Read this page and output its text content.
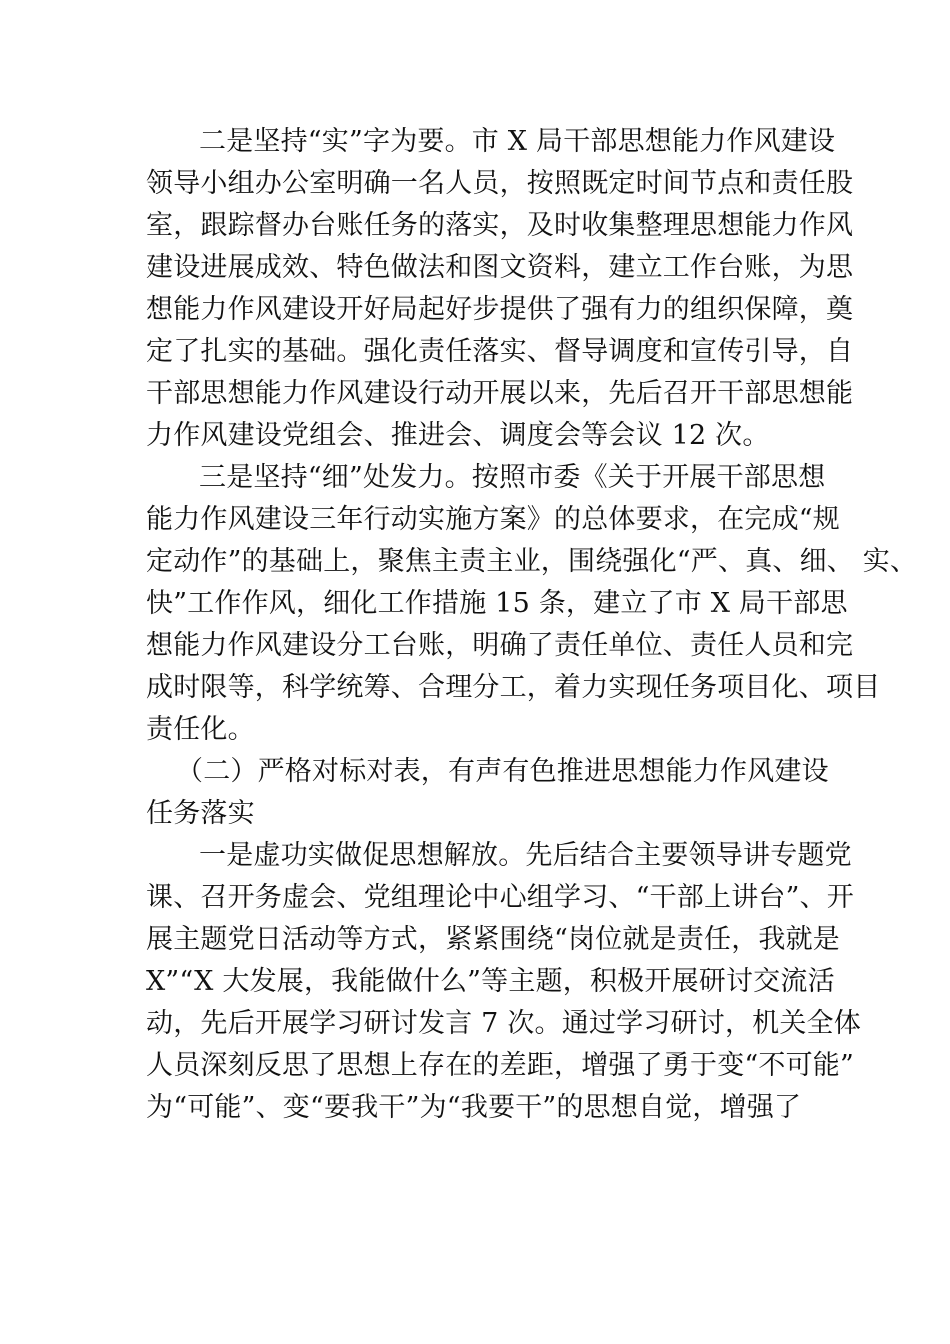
二是坚持“实”字为要。市 X 局干部思想能力作风建设
领导小组办公室明确一名人员，按照既定时间节点和责任股
室，跟踪督办台账任务的落实，及时收集整理思想能力作风
建设进展成效、特色做法和图文资料，建立工作台账，为思
想能力作风建设开好局起好步提供了强有力的组织保障，奠
定了扎实的基础。强化责任落实、督导调度和宣传引导，自
干部思想能力作风建设行动开展以来，先后召开干部思想能
力作风建设党组会、推进会、调度会等会议 12 次。
三是坚持“细”处发力。按照市委《关于开展干部思想
能力作风建设三年行动实施方案》的总体要求，在完成“规
定动作”的基础上，聚焦主责主业，围绕强化“严、真、细、 实、
快”工作作风，细化工作措施 15 条，建立了市 X 局干部思
想能力作风建设分工台账，明确了责任单位、责任人员和完
成时限等，科学统筹、合理分工，着力实现任务项目化、项目
责任化。
（二）严格对标对表，有声有色推进思想能力作风建设
任务落实
一是虚功实做促思想解放。先后结合主要领导讲专题党
课、召开务虚会、党组理论中心组学习、“干部上讲台”、开
展主题党日活动等方式，紧紧围绕“岗位就是责任，我就是
X”“X 大发展，我能做什么”等主题，积极开展研讨交流活
动，先后开展学习研讨发言 7 次。通过学习研讨，机关全体
人员深刻反思了思想上存在的差距，增强了勇于变“不可能”
为“可能”、变“要我干”为“我要干”的思想自觉，增强了
